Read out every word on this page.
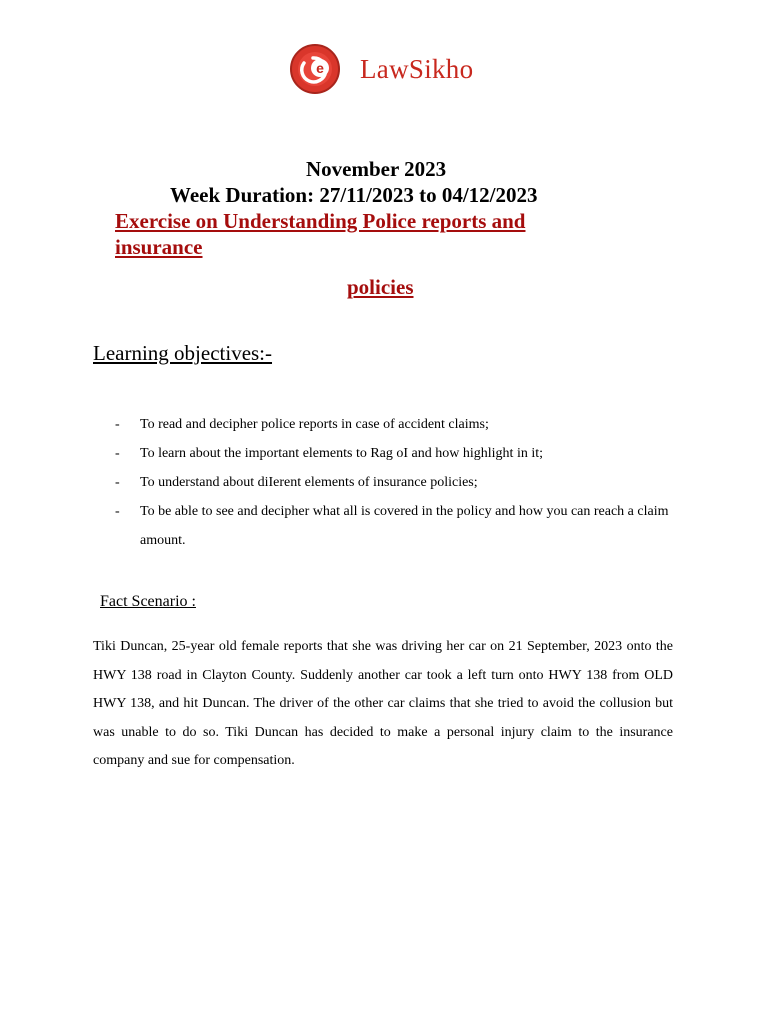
e LawSikho
November 2023
Week Duration: 27/11/2023 to 04/12/2023
Exercise on Understanding Police reports and
insurance
policies
Learning objectives:-
- To read and decipher police reports in case of accident claims;
- To learn about the important elements to Rag oI and how highlight in it;
- To understand about diIerent elements of insurance policies;
- To be able to see and decipher what all is covered in the policy and how you can reach a claim amount.
Fact Scenario :

Tiki Duncan, 25-year old female reports that she was driving her car on 21 September, 2023 onto the HWY 138 road in Clayton County. Suddenly another car took a left turn onto HWY 138 from OLD HWY 138, and hit Duncan. The driver of the other car claims that she tried to avoid the collusion but was unable to do so. Tiki Duncan has decided to make a personal injury claim to the insurance company and sue for compensation.
